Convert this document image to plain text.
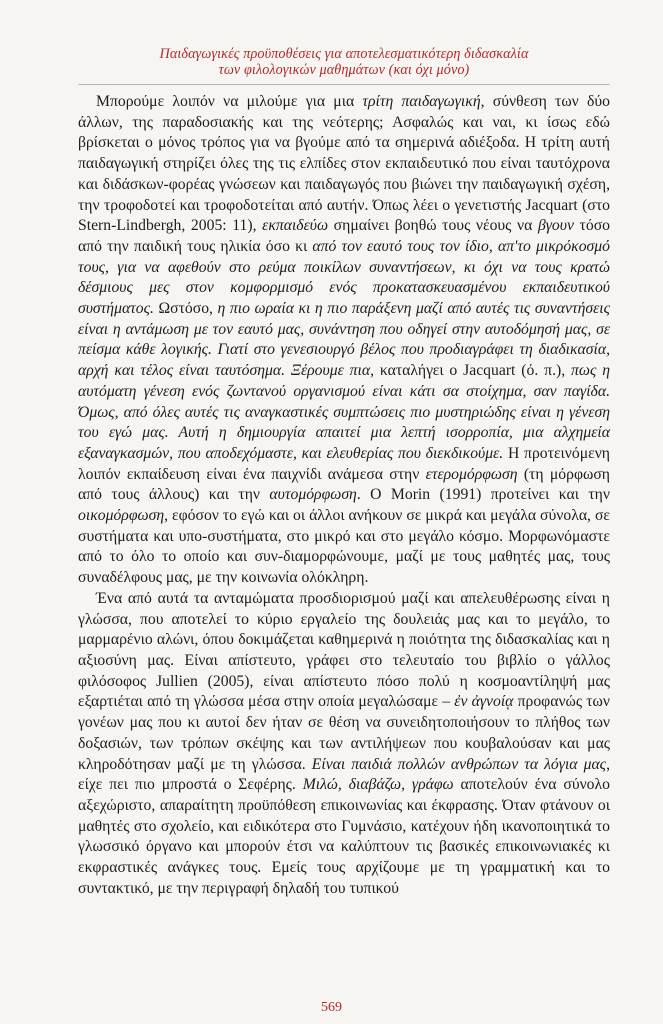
Παιδαγωγικές προϋποθέσεις για αποτελεσματικότερη διδασκαλία
των φιλολογικών μαθημάτων (και όχι μόνο)

Μπορούμε λοιπόν να μιλούμε για μια τρίτη παιδαγωγική, σύνθεση των δύο άλλων, της παραδοσιακής και της νεότερης; Ασφαλώς και ναι, κι ίσως εδώ βρίσκεται ο μόνος τρόπος για να βγούμε από τα σημερινά αδιέξοδα. Η τρίτη αυτή παιδαγωγική στηρίζει όλες της τις ελπίδες στον εκπαιδευτικό που είναι ταυτόχρονα και διδάσκων-φορέας γνώσεων και παιδαγωγός που βιώνει την παιδαγωγική σχέση, την τροφοδοτεί και τροφοδοτείται από αυτήν. Όπως λέει ο γενετιστής Jacquart (στο Stern-Lindbergh, 2005: 11), εκπαιδεύω σημαίνει βοηθώ τους νέους να βγουν τόσο από την παιδική τους ηλικία όσο κι από τον εαυτό τους τον ίδιο, απ'το μικρόκοσμό τους, για να αφεθούν στο ρεύμα ποικίλων συναντήσεων, κι όχι να τους κρατώ δέσμιους μες στον κομφορμισμό ενός προκατασκευασμένου εκπαιδευτικού συστήματος. Ωστόσο, η πιο ωραία κι η πιο παράξενη μαζί από αυτές τις συναντήσεις είναι η αντάμωση με τον εαυτό μας, συνάντηση που οδηγεί στην αυτοδόμησή μας, σε πείσμα κάθε λογικής. Γιατί στο γενεσιουργό βέλος που προδιαγράφει τη διαδικασία, αρχή και τέλος είναι ταυτόσημα. Ξέρουμε πια, καταλήγει ο Jacquart (ό. π.), πως η αυτόματη γένεση ενός ζωντανού οργανισμού είναι κάτι σα στοίχημα, σαν παγίδα. Όμως, από όλες αυτές τις αναγκαστικές συμπτώσεις πιο μυστηριώδης είναι η γένεση του εγώ μας. Αυτή η δημιουργία απαιτεί μια λεπτή ισορροπία, μια αλχημεία εξαναγκασμών, που αποδεχόμαστε, και ελευθερίας που διεκδικούμε. Η προτεινόμενη λοιπόν εκπαίδευση είναι ένα παιχνίδι ανάμεσα στην ετερομόρφωση (τη μόρφωση από τους άλλους) και την αυτομόρφωση. Ο Morin (1991) προτείνει και την οικομόρφωση, εφόσον το εγώ και οι άλλοι ανήκουν σε μικρά και μεγάλα σύνολα, σε συστήματα και υπο-συστήματα, στο μικρό και στο μεγάλο κόσμο. Μορφωνόμαστε από το όλο το οποίο και συν-διαμορφώνουμε, μαζί με τους μαθητές μας, τους συναδέλφους μας, με την κοινωνία ολόκληρη.

Ένα από αυτά τα ανταμώματα προσδιορισμού μαζί και απελευθέρωσης είναι η γλώσσα, που αποτελεί το κύριο εργαλείο της δουλειάς μας και το μεγάλο, το μαρμαρένιο αλώνι, όπου δοκιμάζεται καθημερινά η ποιότητα της διδασκαλίας και η αξιοσύνη μας. Είναι απίστευτο, γράφει στο τελευταίο του βιβλίο ο γάλλος φιλόσοφος Jullien (2005), είναι απίστευτο πόσο πολύ η κοσμοαντίληψή μας εξαρτιέται από τη γλώσσα μέσα στην οποία μεγαλώσαμε – ἐν ἀγνοίᾳ προφανώς των γονέων μας που κι αυτοί δεν ήταν σε θέση να συνειδητοποιήσουν το πλήθος των δοξασιών, των τρόπων σκέψης και των αντιλήψεων που κουβαλούσαν και μας κληροδότησαν μαζί με τη γλώσσα. Είναι παιδιά πολλών ανθρώπων τα λόγια μας, είχε πει πιο μπροστά ο Σεφέρης. Μιλώ, διαβάζω, γράφω αποτελούν ένα σύνολο αξεχώριστο, απαραίτητη προϋπόθεση επικοινωνίας και έκφρασης. Όταν φτάνουν οι μαθητές στο σχολείο, και ειδικότερα στο Γυμνάσιο, κατέχουν ήδη ικανοποιητικά το γλωσσικό όργανο και μπορούν έτσι να καλύπτουν τις βασικές επικοινωνιακές κι εκφραστικές ανάγκες τους. Εμείς τους αρχίζουμε με τη γραμματική και το συντακτικό, με την περιγραφή δηλαδή του τυπικού

569
